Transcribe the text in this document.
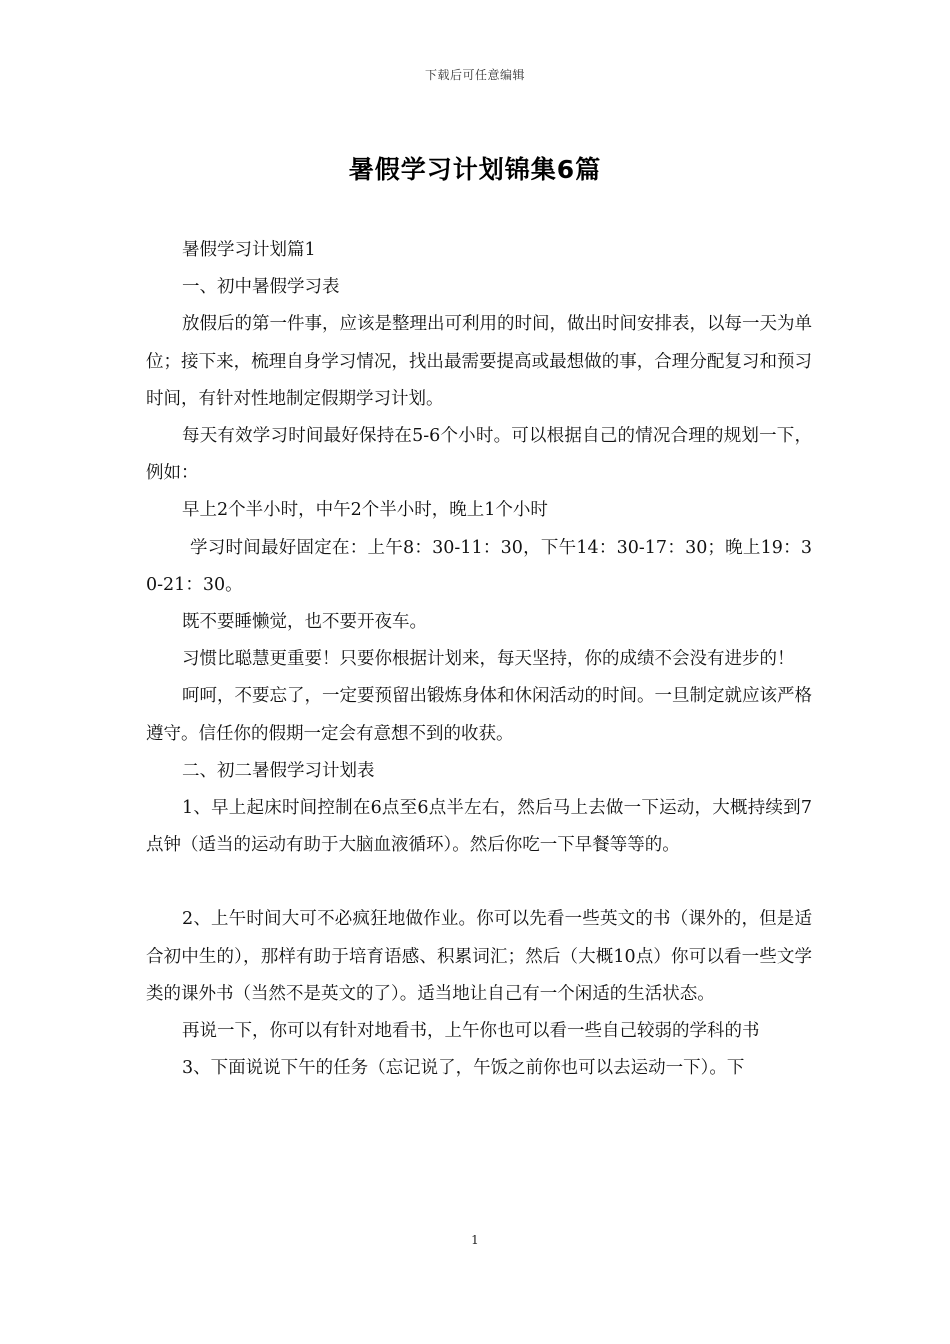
下载后可任意编辑
暑假学习计划锦集6篇

暑假学习计划篇1

一、初中暑假学习表

放假后的第一件事，应该是整理出可利用的时间，做出时间安排表，以每一天为单位；接下来，梳理自身学习情况，找出最需要提高或最想做的事，合理分配复习和预习时间，有针对性地制定假期学习计划。

每天有效学习时间最好保持在5-6个小时。可以根据自己的情况合理的规划一下，例如：

早上2个半小时，中午2个半小时，晚上1个小时

学习时间最好固定在：上午8：30-11：30，下午14：30-17：30；晚上19：30-21：30。

既不要睡懒觉，也不要开夜车。

习惯比聪慧更重要！只要你根据计划来，每天坚持，你的成绩不会没有进步的！

呵呵，不要忘了，一定要预留出锻炼身体和休闲活动的时间。一旦制定就应该严格遵守。信任你的假期一定会有意想不到的收获。

二、初二暑假学习计划表

1、早上起床时间控制在6点至6点半左右，然后马上去做一下运动，大概持续到7点钟（适当的运动有助于大脑血液循环）。然后你吃一下早餐等等的。

2、上午时间大可不必疯狂地做作业。你可以先看一些英文的书（课外的，但是适合初中生的），那样有助于培育语感、积累词汇；然后（大概10点）你可以看一些文学类的课外书（当然不是英文的了）。适当地让自己有一个闲适的生活状态。

再说一下，你可以有针对地看书，上午你也可以看一些自己较弱的学科的书

3、下面说说下午的任务（忘记说了，午饭之前你也可以去运动一下）。下

1
